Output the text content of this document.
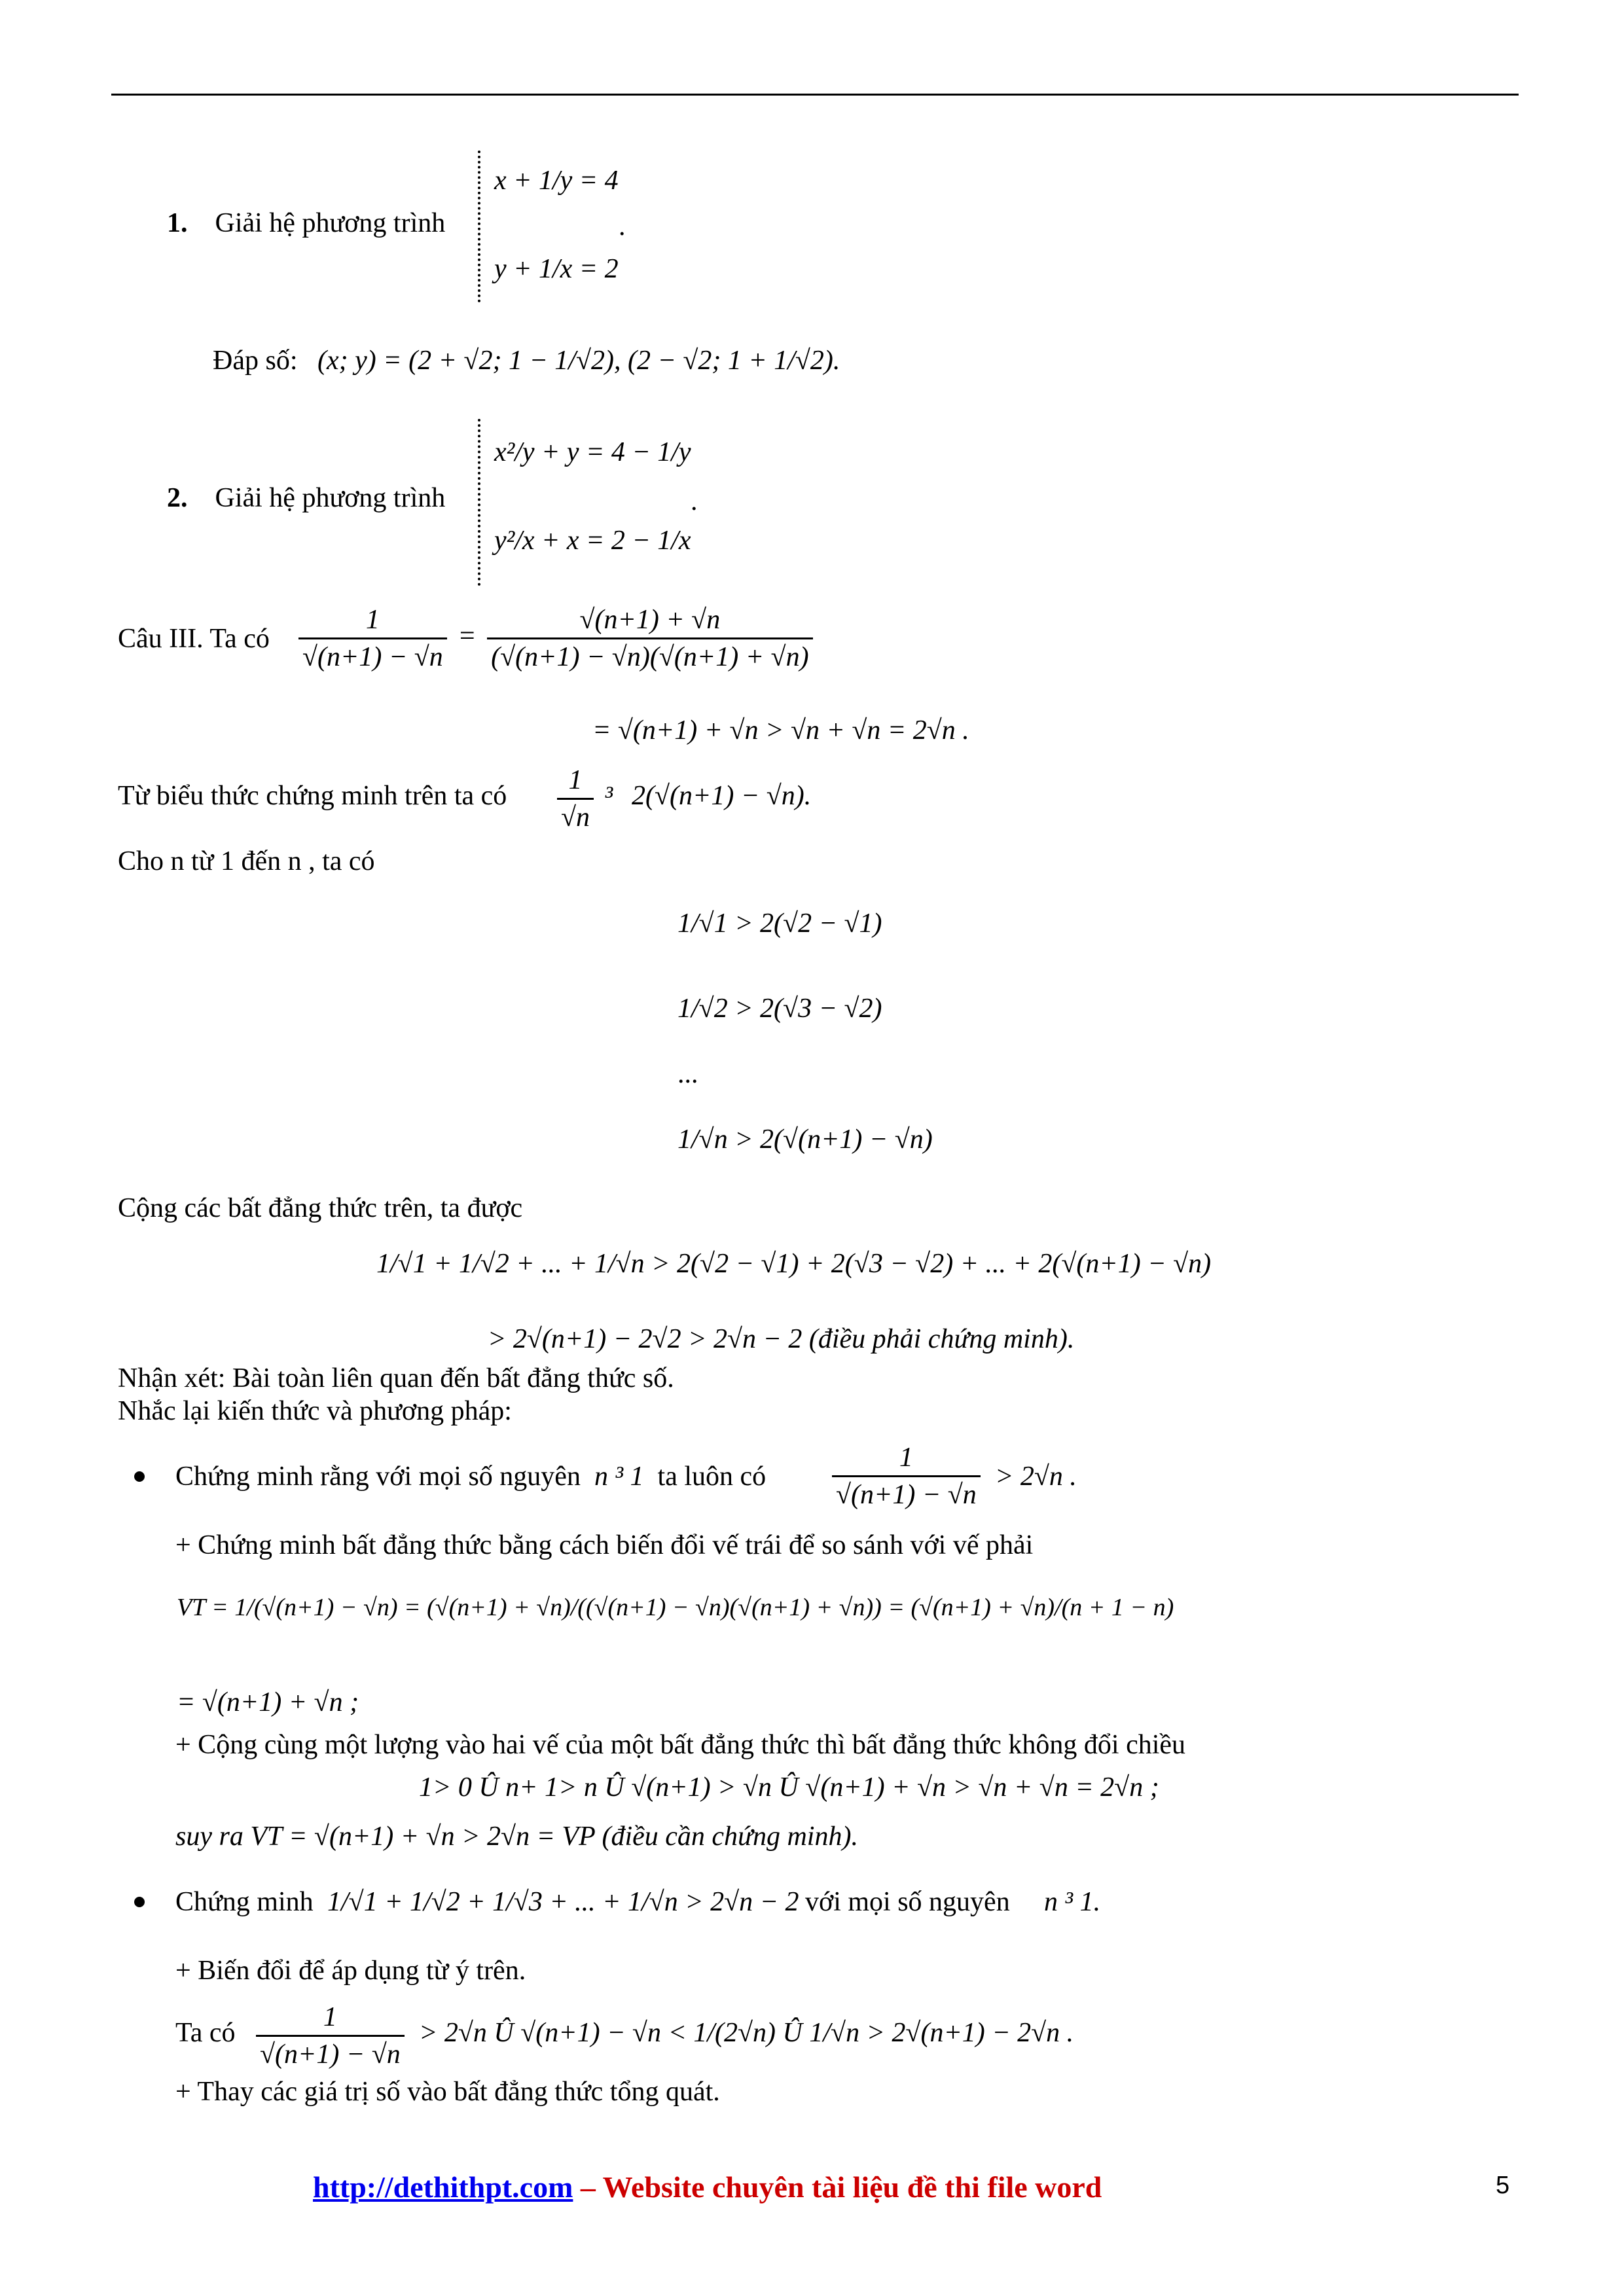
1. Giải hệ phương trình
x + 1/y = 4
y + 1/x = 2
.
Đáp số: (x; y) = (2 + √2; 1 − 1/√2), (2 − √2; 1 + 1/√2).
2. Giải hệ phương trình
x²/y + y = 4 − 1/y
y²/x + x = 2 − 1/x
.
Câu III. Ta có $\frac{1}{√(n+1) - √n} = \frac{√(n+1) + √n}{(√(n+1) - √n)(√(n+1) + √n)}$
= √(n+1) + √n > √n + √n = 2√n .
Từ biểu thức chứng minh trên ta có $\frac{1}{√n} ^3$ 2(√(n+1) − √n).
Cho n từ 1 đến n , ta có
1/√1 > 2(√2 − √1)
1/√2 > 2(√3 − √2)
...
1/√n > 2(√(n+1) − √n)
Cộng các bất đẳng thức trên, ta được
1/√1 + 1/√2 + ... + 1/√n > 2(√2 − √1) + 2(√3 − √2) + ... + 2(√(n+1) − √n)
> 2√(n+1) − 2√2 > 2√n − 2 (điều phải chứng minh).
Nhận xét: Bài toàn liên quan đến bất đẳng thức số.
Nhắc lại kiến thức và phương pháp:
Chứng minh rằng với mọi số nguyên n ³ 1 ta luôn có $\frac{1}{√(n+1) - √n} > 2√n$ .
+ Chứng minh bất đẳng thức bằng cách biến đổi vế trái để so sánh với vế phải
VT = 1/(√(n+1) − √n) = (√(n+1) + √n)/((√(n+1) − √n)(√(n+1) + √n)) = (√(n+1) + √n)/(n + 1 − n)
= √(n+1) + √n ;
+ Cộng cùng một lượng vào hai vế của một bất đẳng thức thì bất đẳng thức không đổi chiều
1> 0 Û n+ 1> n Û √(n+1) > √n Û √(n+1) + √n > √n + √n = 2√n ;
suy ra VT = √(n+1) + √n > 2√n = VP (điều cần chứng minh).
Chứng minh 1/√1 + 1/√2 + 1/√3 + ... + 1/√n > 2√n − 2 với mọi số nguyên n ³ 1.
+ Biến đổi để áp dụng từ ý trên.
Ta có $\frac{1}{√(n+1) - √n} > 2√n$ Û √(n+1) − √n < 1/(2√n) Û 1/√n > 2√(n+1) − 2√n .
+ Thay các giá trị số vào bất đẳng thức tổng quát.
http://dethithpt.com – Website chuyên tài liệu đề thi file word	5
